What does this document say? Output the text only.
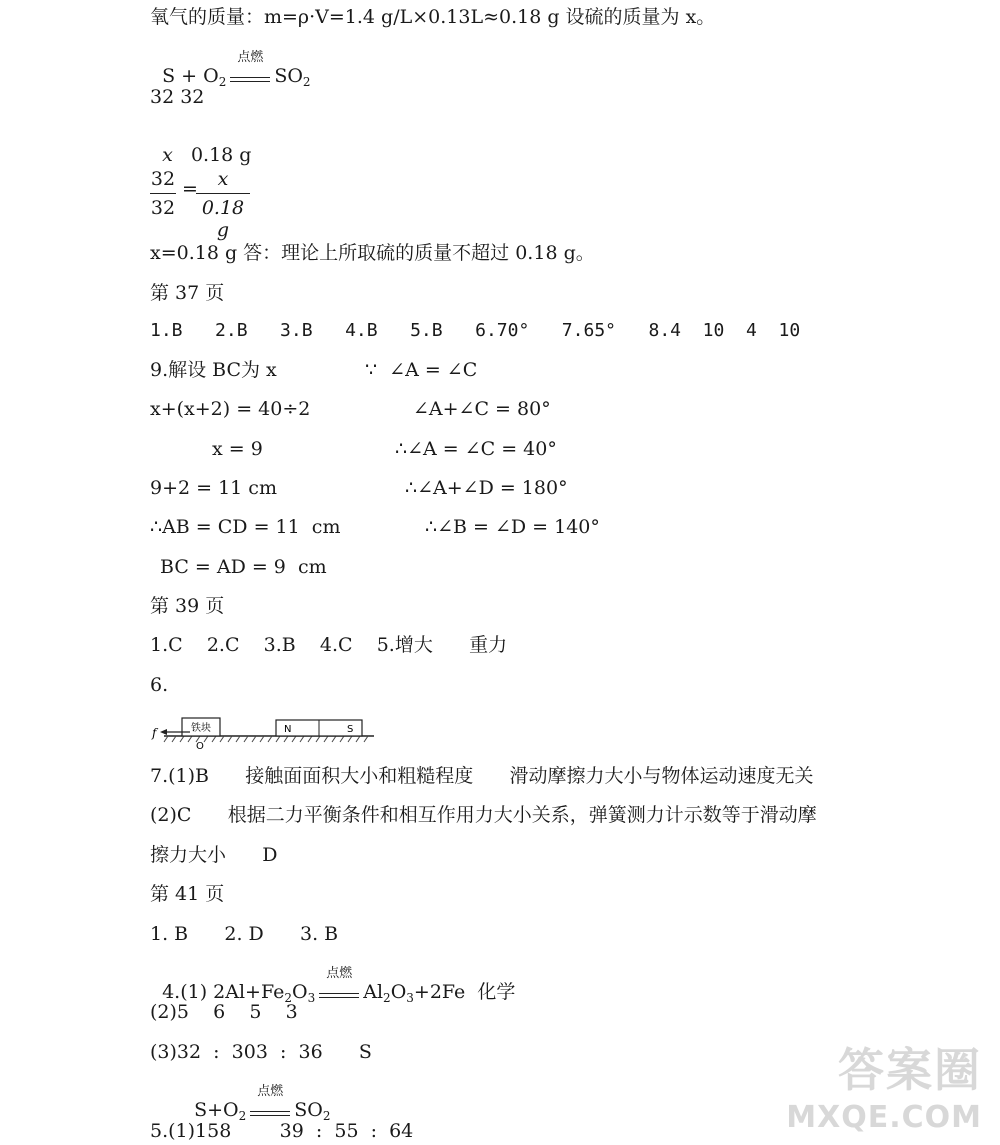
氧气的质量：m=ρ·V=1.4 g/L×0.13L≈0.18 g 设硫的质量为 x。

$S + O_2$
点燃
$SO_2$

32 32

x 0.18 g

32
32
=	x
0.18 g
x=0.18 g 答：理论上所取硫的质量不超过 0.18 g。
第 37 页
1.B   2.B   3.B   4.B   5.B   6.70°   7.65°   8.4  10  4  10
9.解设 BC为 x	∵  ∠A = ∠C
x+(x+2) = 40÷2	∠A+∠C = 80°
x = 9	∴∠A = ∠C = 40°
9+2 = 11 cm	∴∠A+∠D = 180°
∴AB = CD = 11  cm	∴∠B = ∠D = 140°
BC = AD = 9  cm
第 39 页
1.C    2.C    3.B    4.C    5.增大      重力
6.
铁块	N	S
f
O
7.(1)B      接触面面积大小和粗糙程度      滑动摩擦力大小与物体运动速度无关
(2)C      根据二力平衡条件和相互作用力大小关系，弹簧测力计示数等于滑动摩
擦力大小      D
第 41 页
1. B      2. D      3. B

4.(1) $2Al+Fe_2O_3$
点燃
$Al_2O_3+2Fe$  化学

(2)5    6    5    3
(3)32  :  303  :  36      S

$S+O_2$
点燃
$SO_2$

5.(1)158        39  :  55  :  64
答案圈
MXQE.COM
